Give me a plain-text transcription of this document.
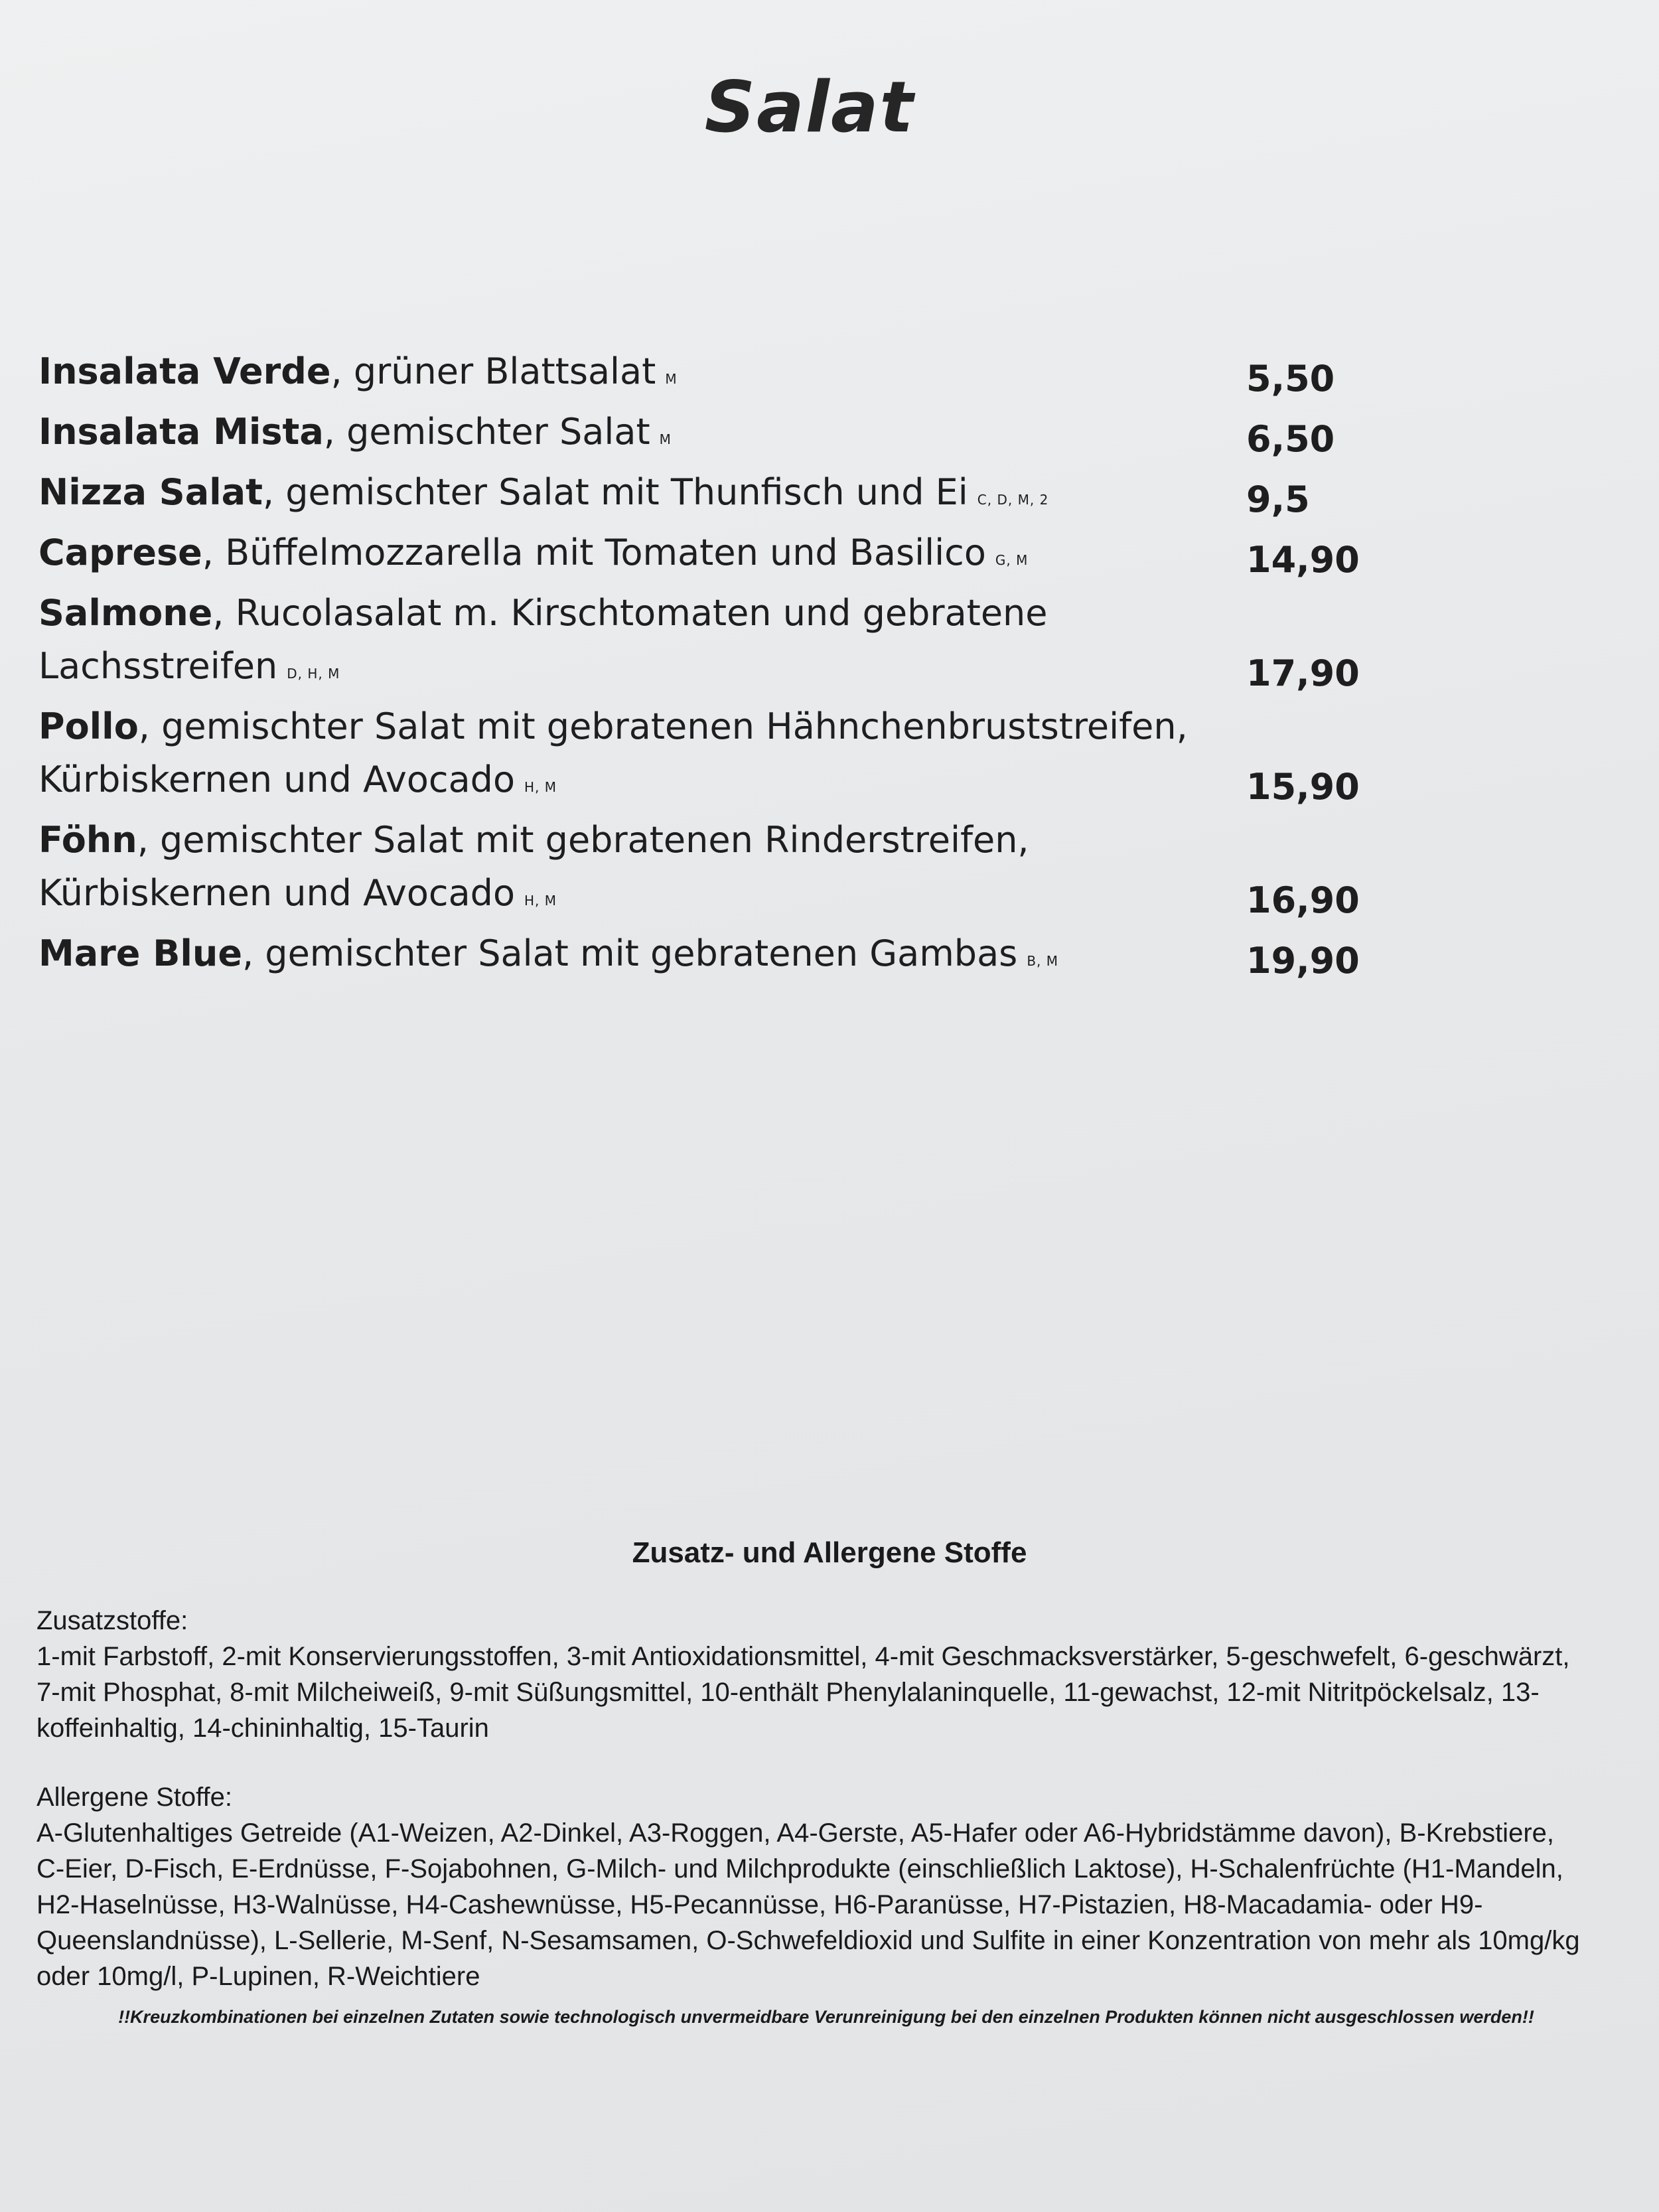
Salat
Insalata Verde, grüner Blattsalat M	5,50
Insalata Mista, gemischter Salat M	6,50
Nizza Salat, gemischter Salat mit Thunfisch und Ei C, D, M, 2	9,5
Caprese, Büffelmozzarella mit Tomaten und Basilico G, M	14,90
Salmone, Rucolasalat m. Kirschtomaten und gebratene
Lachsstreifen D, H, M	17,90
Pollo, gemischter Salat mit gebratenen Hähnchenbruststreifen,
Kürbiskernen und Avocado H, M	15,90
Föhn, gemischter Salat mit gebratenen Rinderstreifen,
Kürbiskernen und Avocado H, M	16,90
Mare Blue, gemischter Salat mit gebratenen Gambas B, M	19,90
Zusatz- und Allergene Stoffe
Zusatzstoffe:
1-mit Farbstoff, 2-mit Konservierungsstoffen, 3-mit Antioxidationsmittel, 4-mit Geschmacksverstärker, 5-geschwefelt, 6-geschwärzt, 7-mit Phosphat, 8-mit Milcheiweiß, 9-mit Süßungsmittel, 10-enthält Phenylalaninquelle, 11-gewachst, 12-mit Nitritpöckelsalz, 13-koffeinhaltig, 14-chininhaltig, 15-Taurin
Allergene Stoffe:
A-Glutenhaltiges Getreide (A1-Weizen, A2-Dinkel, A3-Roggen, A4-Gerste, A5-Hafer oder A6-Hybridstämme davon), B-Krebstiere, C-Eier, D-Fisch, E-Erdnüsse, F-Sojabohnen, G-Milch- und Milchprodukte (einschließlich Laktose), H-Schalenfrüchte (H1-Mandeln, H2-Haselnüsse, H3-Walnüsse, H4-Cashewnüsse, H5-Pecannüsse, H6-Paranüsse, H7-Pistazien, H8-Macadamia- oder H9- Queenslandnüsse), L-Sellerie, M-Senf, N-Sesamsamen, O-Schwefeldioxid und Sulfite in einer Konzentration von mehr als 10mg/kg oder 10mg/l, P-Lupinen, R-Weichtiere
!!Kreuzkombinationen bei einzelnen Zutaten sowie technologisch unvermeidbare Verunreinigung bei den einzelnen Produkten können nicht ausgeschlossen werden!!
